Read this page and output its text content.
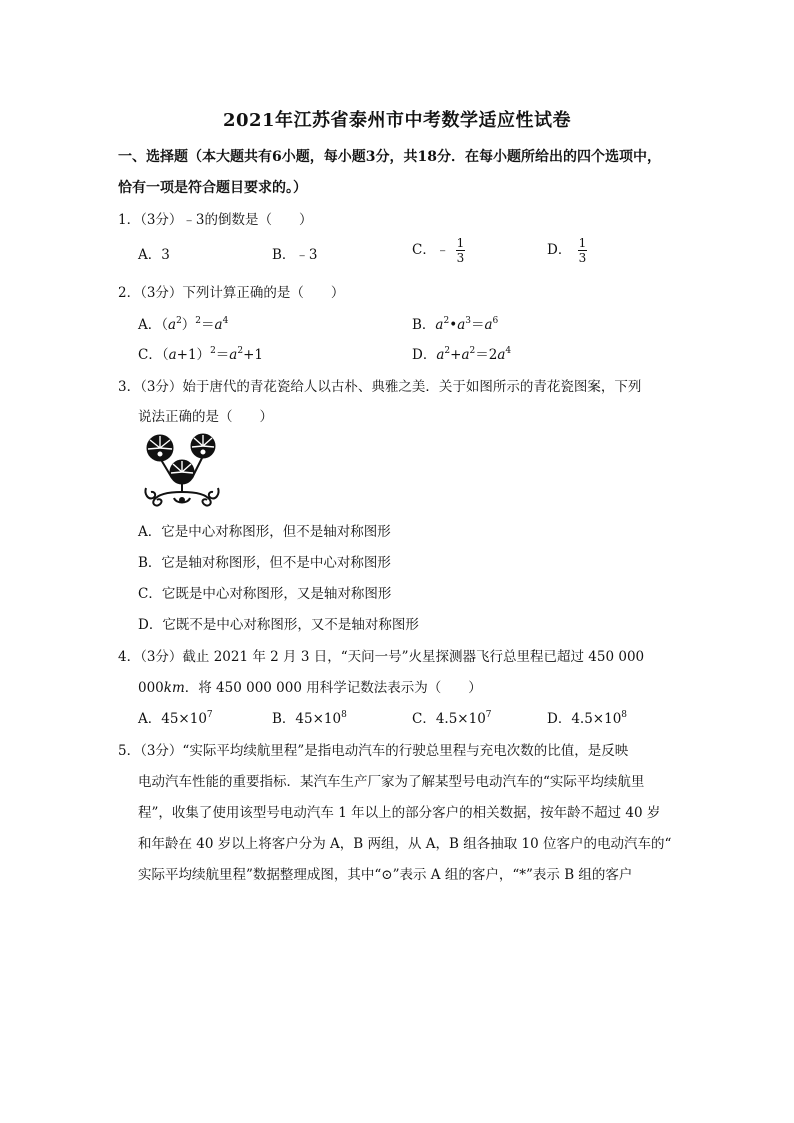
2021年江苏省泰州市中考数学适应性试卷
一、选择题（本大题共有6小题，每小题3分，共18分．在每小题所给出的四个选项中，
恰有一项是符合题目要求的。）
1．（3分）﹣3的倒数是（　　）
A．3	B．﹣3	C．﹣ $\frac{1}{3}$	D． $\frac{1}{3}$
2．（3分）下列计算正确的是（　　）
A．$(a^2)^2=a^4$	B．$a^2•a^3=a^6$
C．$(a+1)^2=a^2+1$	D．$a^2+a^2=2a^4$
3．（3分）始于唐代的青花瓷给人以古朴、典雅之美．关于如图所示的青花瓷图案，下列
说法正确的是（　　）
A．它是中心对称图形，但不是轴对称图形
B．它是轴对称图形，但不是中心对称图形
C．它既是中心对称图形，又是轴对称图形
D．它既不是中心对称图形，又不是轴对称图形
4．（3分）截止 2021 年 2 月 3 日，“天问一号”火星探测器飞行总里程已超过 450 000
000km．将 450 000 000 用科学记数法表示为（　　）
A．$45\times 10^7$	B．$45\times 10^8$	C．$4.5\times 10^7$	D．$4.5\times 10^8$
5．（3分）“实际平均续航里程”是指电动汽车的行驶总里程与充电次数的比值，是反映
电动汽车性能的重要指标．某汽车生产厂家为了解某型号电动汽车的“实际平均续航里
程”，收集了使用该型号电动汽车 1 年以上的部分客户的相关数据，按年龄不超过 40 岁
和年龄在 40 岁以上将客户分为 A，B 两组，从 A，B 组各抽取 10 位客户的电动汽车的“
实际平均续航里程”数据整理成图，其中“⊙”表示 A 组的客户，“*”表示 B 组的客户
